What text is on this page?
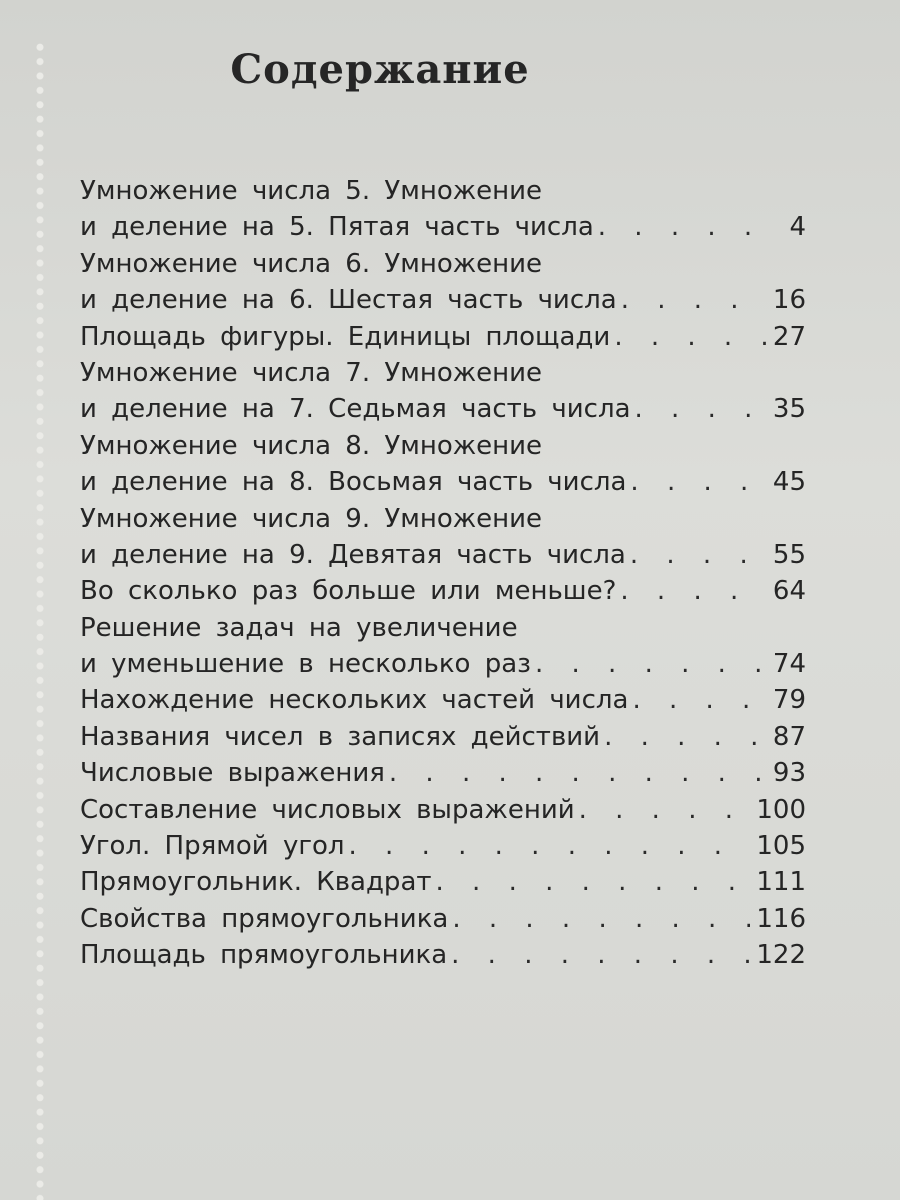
Содержание
Умножение числа 5. Умножение
и деление на 5. Пятая часть числа . . .	4
Умножение числа 6. Умножение
и деление на 6. Шестая часть числа . . .	16
Площадь фигуры. Единицы площади . . .	27
Умножение числа 7. Умножение
и деление на 7. Седьмая часть числа . . .	35
Умножение числа 8. Умножение
и деление на 8. Восьмая часть числа . . .	45
Умножение числа 9. Умножение
и деление на 9. Девятая часть числа . . .	55
Во сколько раз больше или меньше? . . .	64
Решение задач на увеличение
и уменьшение в несколько раз . . .	74
Нахождение нескольких частей числа . . .	79
Названия чисел в записях действий . . .	87
Числовые выражения . . .	93
Составление числовых выражений . . .	100
Угол. Прямой угол . . .	105
Прямоугольник. Квадрат . . .	111
Свойства прямоугольника . . .	116
Площадь прямоугольника . . .	122
